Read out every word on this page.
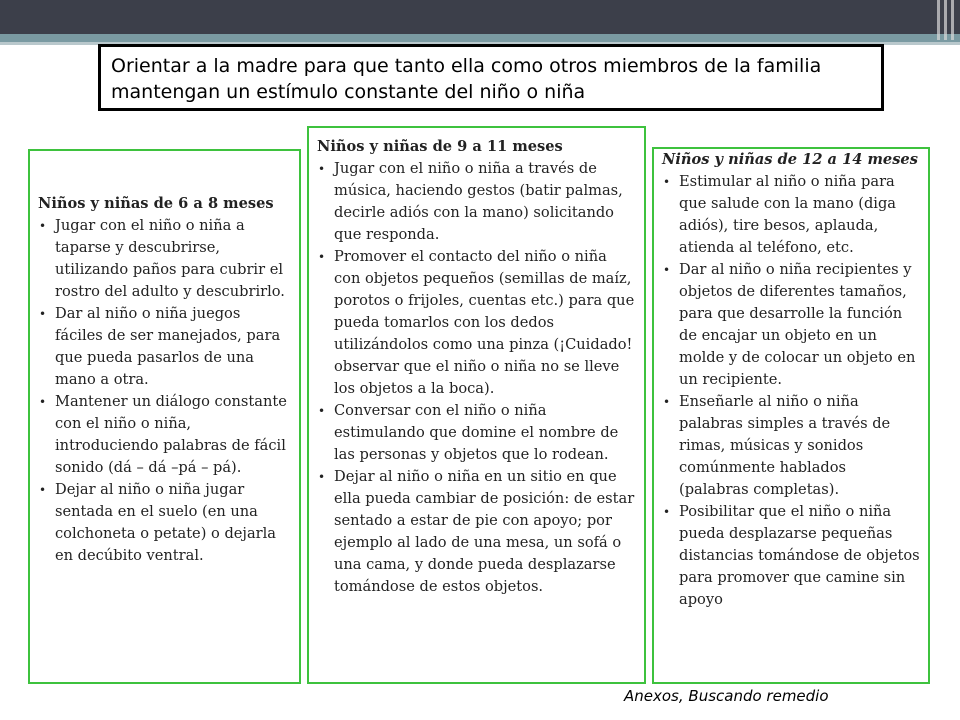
Orientar a la madre para que tanto ella como otros miembros de la familia mantengan un estímulo constante del niño o niña
Niños y niñas de 6 a 8 meses
• Jugar con el niño o niña a taparse y descubrirse, utilizando paños para cubrir el rostro del adulto y descubrirlo.
• Dar al niño o niña juegos fáciles de ser manejados, para que pueda pasarlos de una mano a otra.
• Mantener un diálogo constante con el niño o niña, introduciendo palabras de fácil sonido (dá – dá –pá – pá).
• Dejar al niño o niña jugar sentada en el suelo (en una colchoneta o petate) o dejarla en decúbito ventral.
Niños y niñas de 9 a 11 meses
• Jugar con el niño o niña a través de música, haciendo gestos (batir palmas, decirle adiós con la mano) solicitando que responda.
• Promover el contacto del niño o niña con objetos pequeños (semillas de maíz, porotos o frijoles, cuentas etc.) para que pueda tomarlos con los dedos utilizándolos como una pinza (¡Cuidado! observar que el niño o niña no se lleve los objetos a la boca).
• Conversar con el niño o niña estimulando que domine el nombre de las personas y objetos que lo rodean.
• Dejar al niño o niña en un sitio en que ella pueda cambiar de posición: de estar sentado a estar de pie con apoyo; por ejemplo al lado de una mesa, un sofá o una cama, y donde pueda desplazarse tomándose de estos objetos.
Niños y niñas de 12 a 14 meses
• Estimular al niño o niña para que salude con la mano (diga adiós), tire besos, aplauda, atienda al teléfono, etc.
• Dar al niño o niña recipientes y objetos de diferentes tamaños, para que desarrolle la función de encajar un objeto en un molde y de colocar un objeto en un recipiente.
• Enseñarle al niño o niña palabras simples a través de rimas, músicas y sonidos comúnmente hablados (palabras completas).
• Posibilitar que el niño o niña pueda desplazarse pequeñas distancias tomándose de objetos para promover que camine sin apoyo
Anexos, Buscando remedio
